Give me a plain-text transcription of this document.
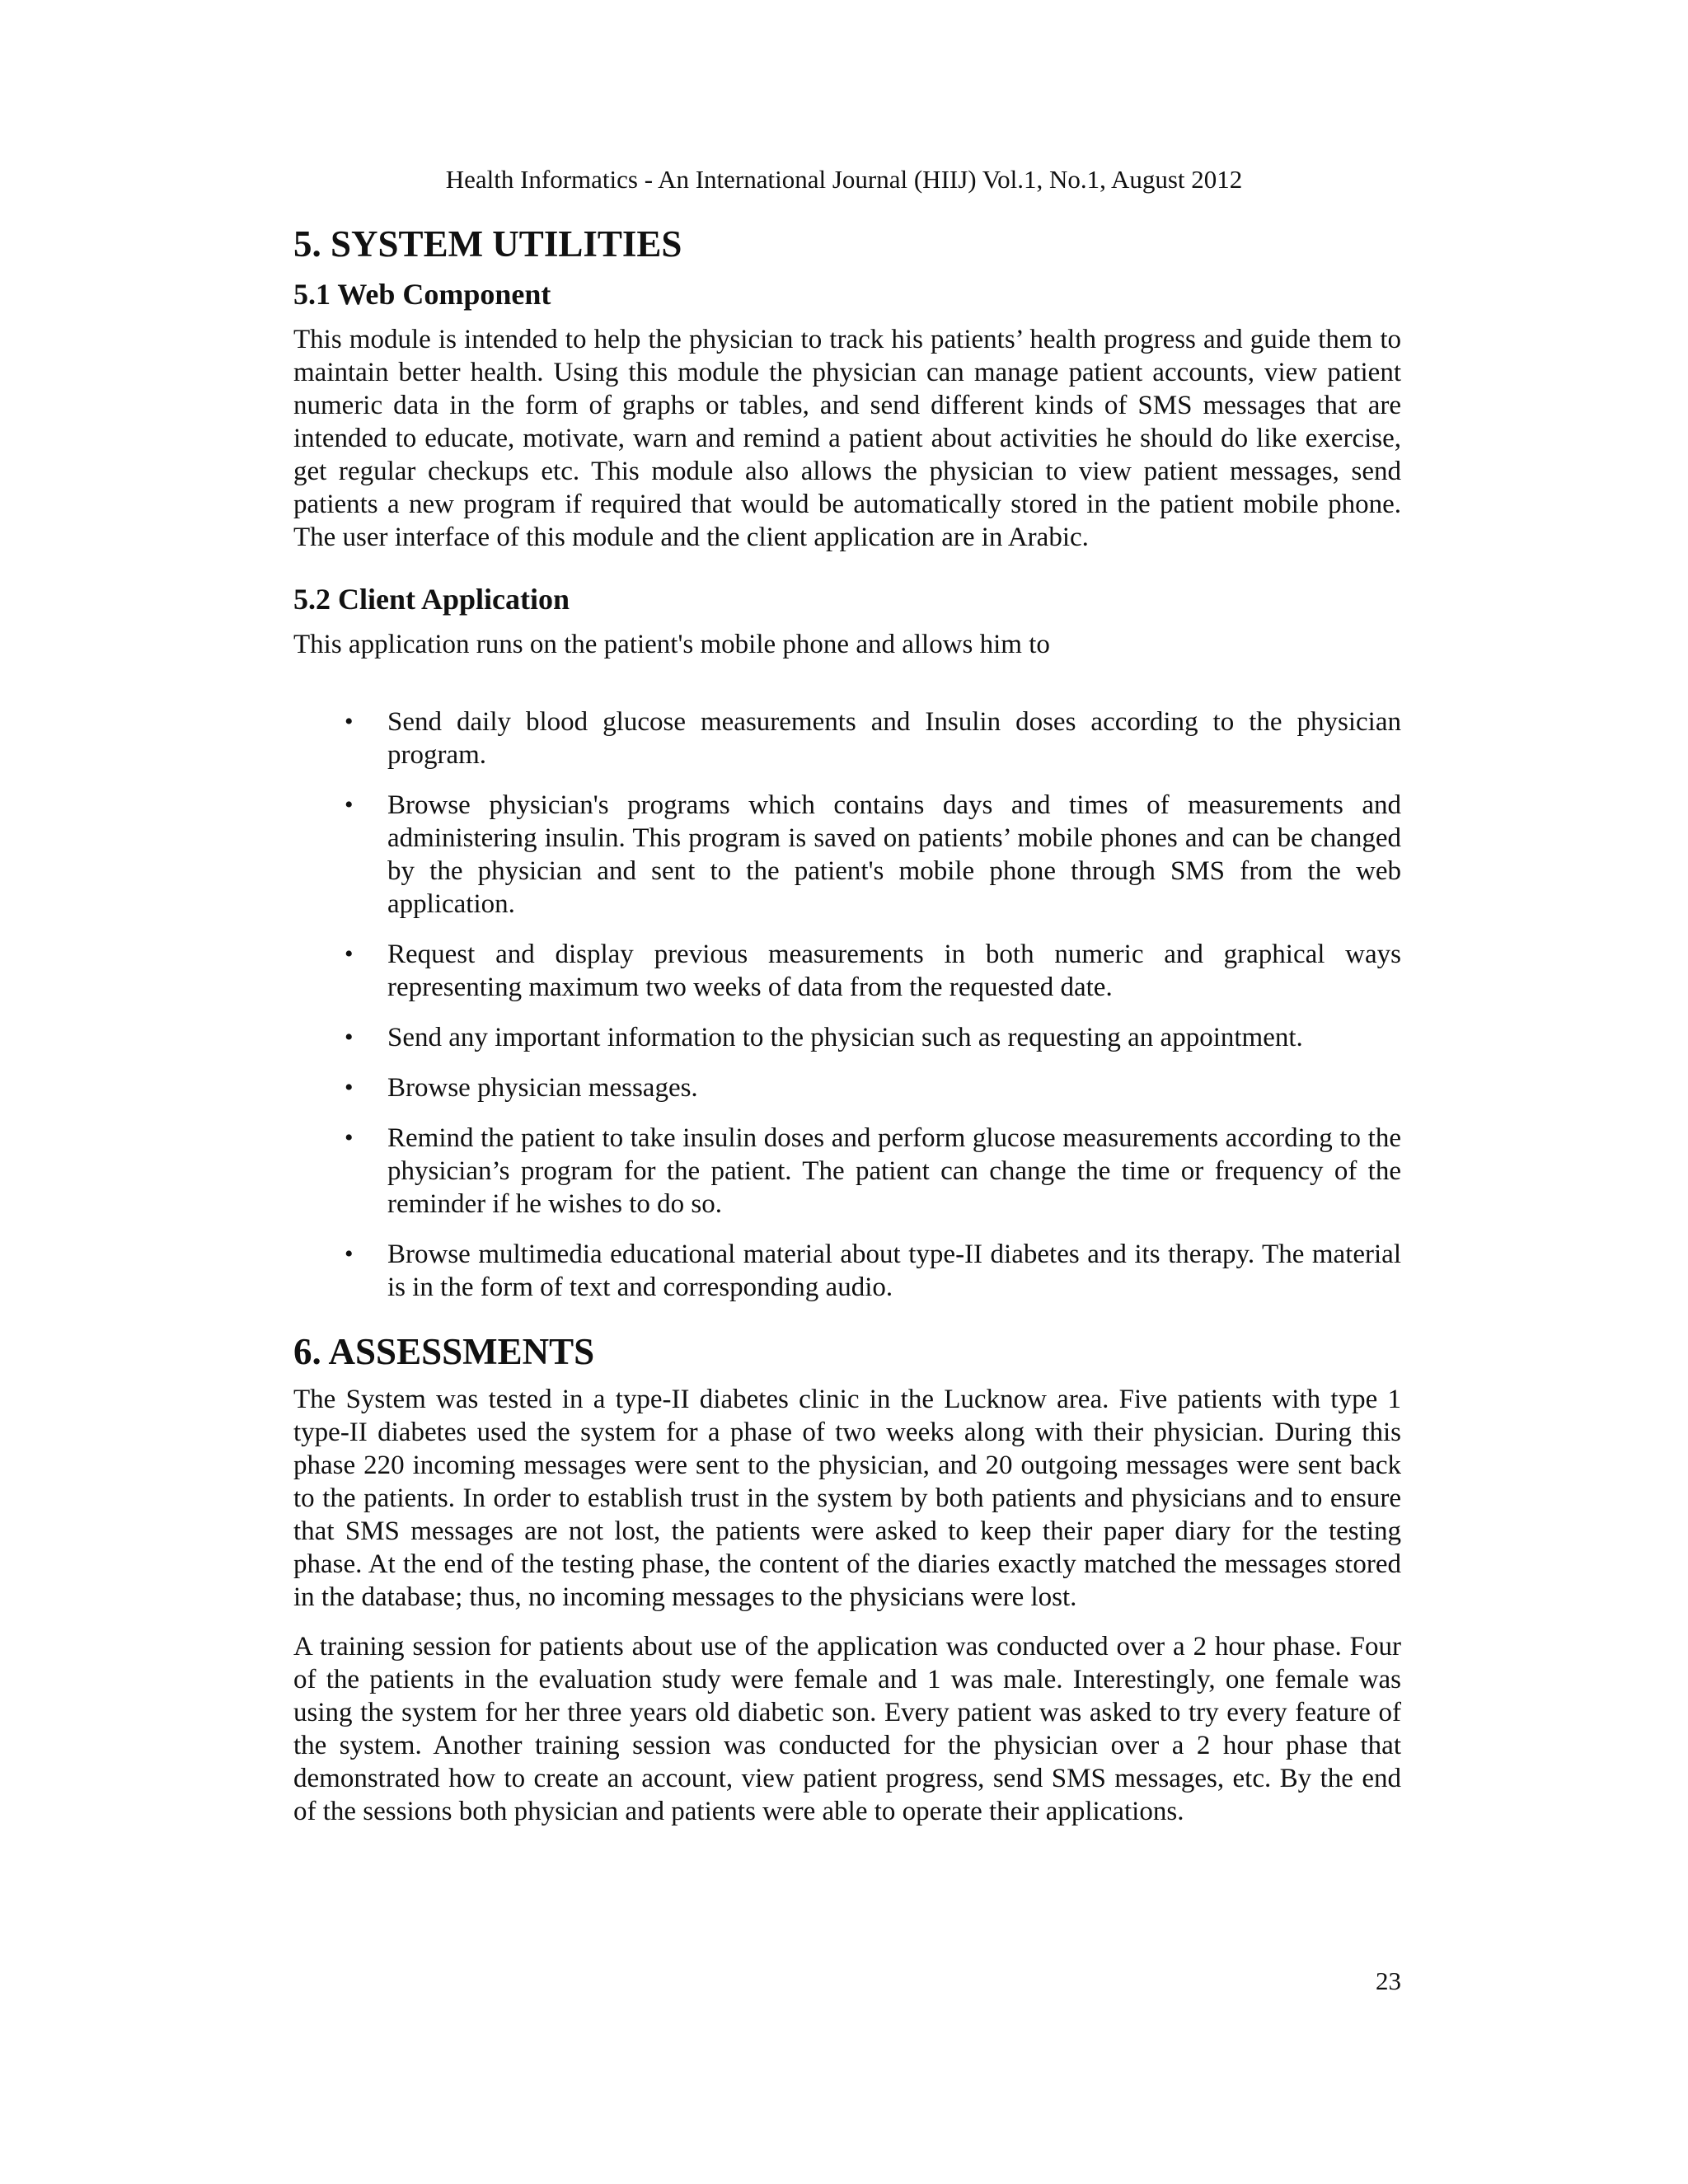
Health Informatics - An International Journal (HIIJ) Vol.1, No.1, August 2012
5. SYSTEM UTILITIES
5.1 Web Component

This module is intended to help the physician to track his patients’ health progress and guide them to maintain better health. Using this module the physician can manage patient accounts, view patient numeric data in the form of graphs or tables, and send different kinds of SMS messages that are intended to educate, motivate, warn and remind a patient about activities he should do like exercise, get regular checkups etc. This module also allows the physician to view patient messages, send patients a new program if required that would be automatically stored in the patient mobile phone. The user interface of this module and the client application are in Arabic.

5.2 Client Application

This application runs on the patient's mobile phone and allows him to

• Send daily blood glucose measurements and Insulin doses according to the physician program.
• Browse physician's programs which contains days and times of measurements and administering insulin. This program is saved on patients’ mobile phones and can be changed by the physician and sent to the patient's mobile phone through SMS from the web application.
• Request and display previous measurements in both numeric and graphical ways representing maximum two weeks of data from the requested date.
• Send any important information to the physician such as requesting an appointment.
• Browse physician messages.
• Remind the patient to take insulin doses and perform glucose measurements according to the physician’s program for the patient. The patient can change the time or frequency of the reminder if he wishes to do so.
• Browse multimedia educational material about type-II diabetes and its therapy. The material is in the form of text and corresponding audio.
6. ASSESSMENTS

The System was tested in a type-II diabetes clinic in the Lucknow area. Five patients with type 1 type-II diabetes used the system for a phase of two weeks along with their physician. During this phase 220 incoming messages were sent to the physician, and 20 outgoing messages were sent back to the patients. In order to establish trust in the system by both patients and physicians and to ensure that SMS messages are not lost, the patients were asked to keep their paper diary for the testing phase. At the end of the testing phase, the content of the diaries exactly matched the messages stored in the database; thus, no incoming messages to the physicians were lost.

A training session for patients about use of the application was conducted over a 2 hour phase. Four of the patients in the evaluation study were female and 1 was male. Interestingly, one female was using the system for her three years old diabetic son. Every patient was asked to try every feature of the system. Another training session was conducted for the physician over a 2 hour phase that demonstrated how to create an account, view patient progress, send SMS messages, etc. By the end of the sessions both physician and patients were able to operate their applications.

23
